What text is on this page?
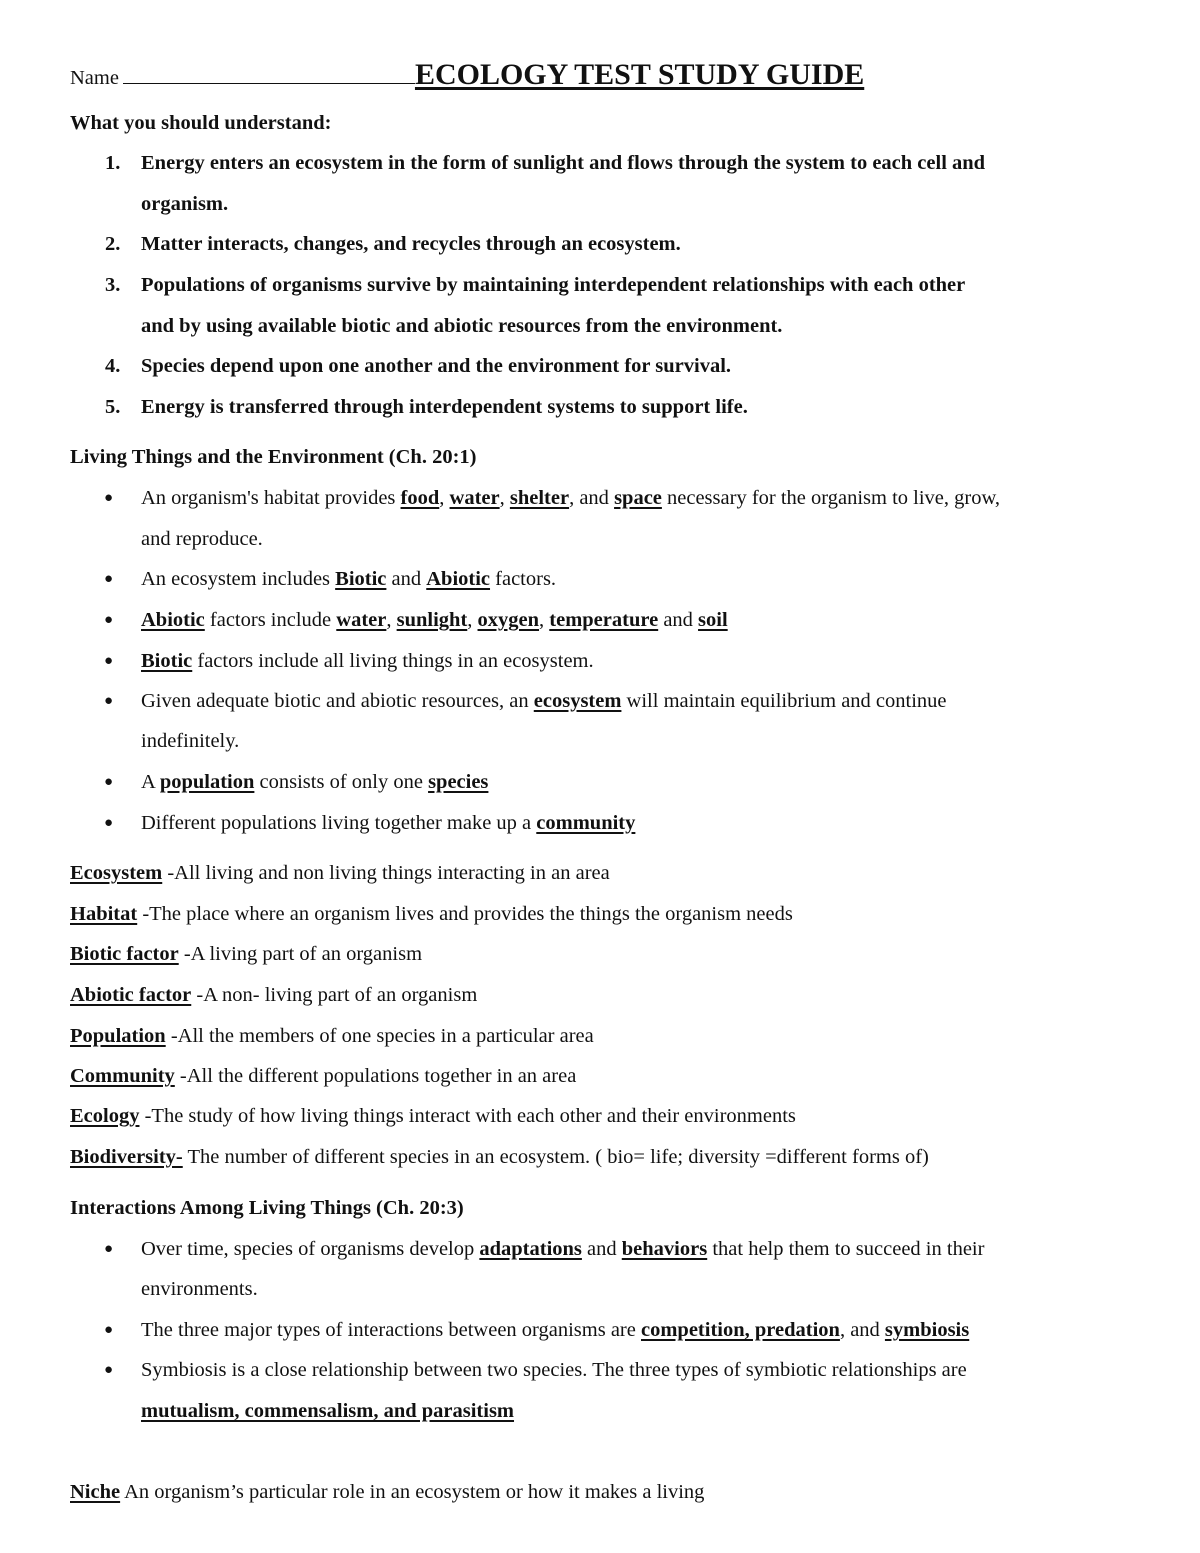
Name	ECOLOGY TEST STUDY GUIDE
What you should understand:
1. Energy enters an ecosystem in the form of sunlight and flows through the system to each cell and
organism.
2. Matter interacts, changes, and recycles through an ecosystem.
3. Populations of organisms survive by maintaining interdependent relationships with each other
and by using available biotic and abiotic resources from the environment.
4. Species depend upon one another and the environment for survival.
5. Energy is transferred through interdependent systems to support life.
Living Things and the Environment (Ch. 20:1)
● An organism's habitat provides food, water, shelter, and space necessary for the organism to live, grow,
and reproduce.
● An ecosystem includes Biotic and Abiotic factors.
● Abiotic factors include water, sunlight, oxygen, temperature and soil
● Biotic factors include all living things in an ecosystem.
● Given adequate biotic and abiotic resources, an ecosystem will maintain equilibrium and continue
indefinitely.
● A population consists of only one species
● Different populations living together make up a community
Ecosystem -All living and non living things interacting in an area
Habitat -The place where an organism lives and provides the things the organism needs
Biotic factor -A living part of an organism
Abiotic factor -A non- living part of an organism
Population -All the members of one species in a particular area
Community -All the different populations together in an area
Ecology -The study of how living things interact with each other and their environments
Biodiversity- The number of different species in an ecosystem. ( bio= life; diversity =different forms of)
Interactions Among Living Things (Ch. 20:3)
● Over time, species of organisms develop adaptations and behaviors that help them to succeed in their
environments.
● The three major types of interactions between organisms are competition, predation, and symbiosis
● Symbiosis is a close relationship between two species. The three types of symbiotic relationships are
mutualism, commensalism, and parasitism
Niche An organism’s particular role in an ecosystem or how it makes a living
